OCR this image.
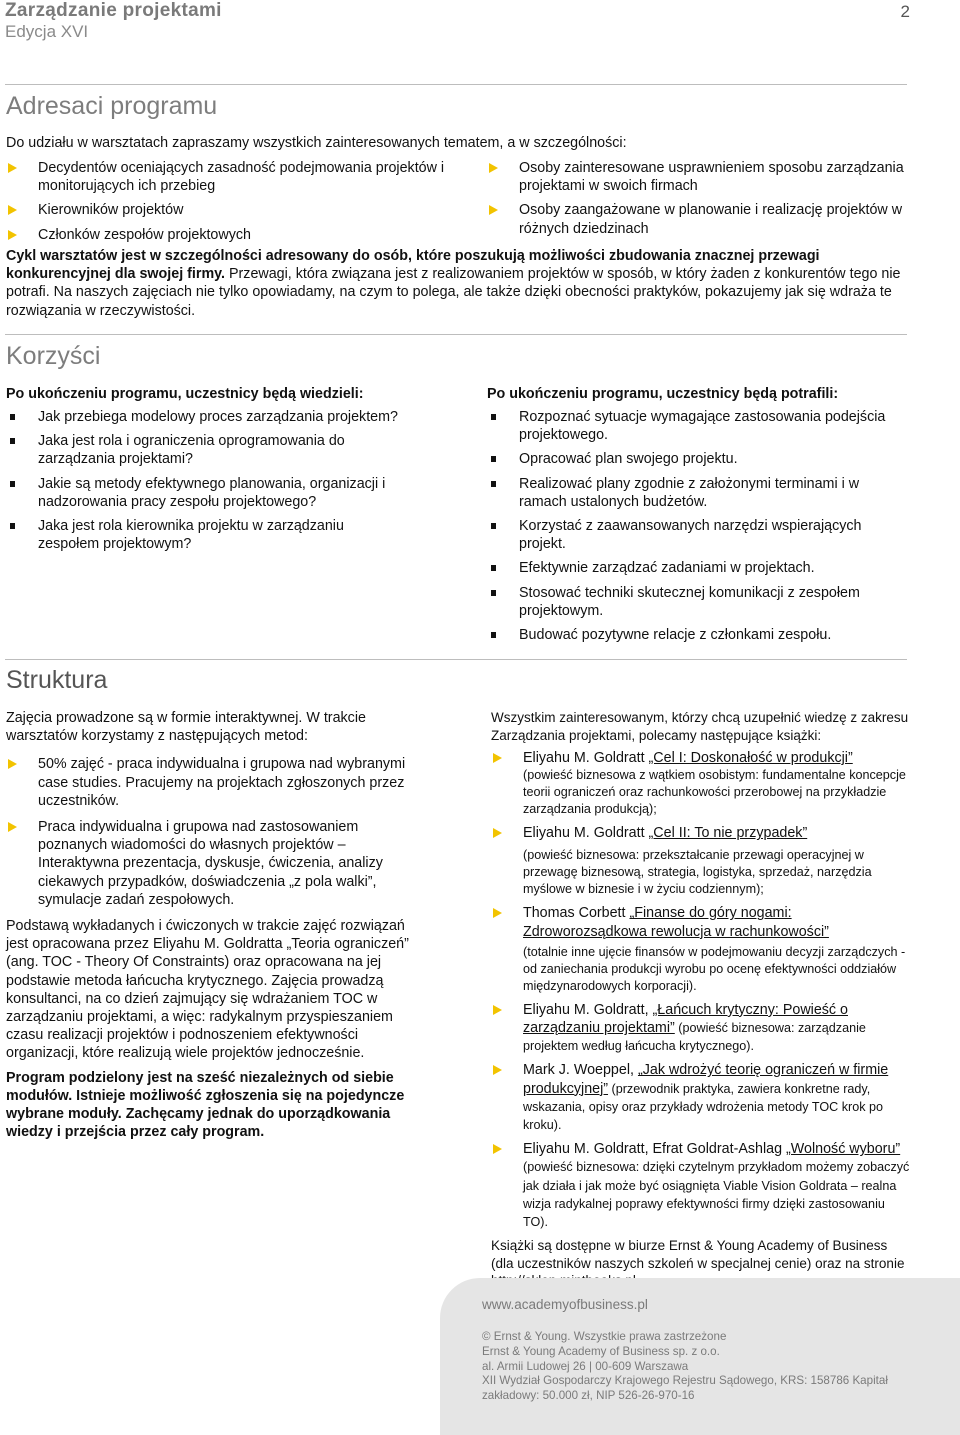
Zarządzanie projektami
Edycja XVI
2
Adresaci programu
Do udziału w warsztatach zapraszamy wszystkich zainteresowanych tematem, a w szczególności:
Decydentów oceniających zasadność podejmowania projektów i monitorujących ich przebieg
Kierowników projektów
Członków zespołów projektowych
Osoby zainteresowane usprawnieniem sposobu zarządzania projektami w swoich firmach
Osoby zaangażowane w planowanie i realizację projektów w różnych dziedzinach
Cykl warsztatów jest w szczególności adresowany do osób, które poszukują możliwości zbudowania znacznej przewagi konkurencyjnej dla swojej firmy. Przewagi, która związana jest z realizowaniem projektów w sposób, w który żaden z konkurentów tego nie potrafi. Na naszych zajęciach nie tylko opowiadamy, na czym to polega, ale także dzięki obecności praktyków, pokazujemy jak się wdraża te rozwiązania w rzeczywistości.
Korzyści
Po ukończeniu programu, uczestnicy będą wiedzieli:
Jak przebiega modelowy proces zarządzania projektem?
Jaka jest rola i ograniczenia oprogramowania do zarządzania projektami?
Jakie są metody efektywnego planowania, organizacji i nadzorowania pracy zespołu projektowego?
Jaka jest rola kierownika projektu w zarządzaniu zespołem projektowym?
Po ukończeniu programu, uczestnicy będą potrafili:
Rozpoznać sytuacje wymagające zastosowania podejścia projektowego.
Opracować plan swojego projektu.
Realizować plany zgodnie z założonymi terminami i w ramach ustalonych budżetów.
Korzystać z zaawansowanych narzędzi wspierających projekt.
Efektywnie zarządzać zadaniami w projektach.
Stosować techniki skutecznej komunikacji z zespołem projektowym.
Budować pozytywne relacje z członkami zespołu.
Struktura
Zajęcia prowadzone są w formie interaktywnej. W trakcie warsztatów korzystamy z następujących metod:
50% zajęć - praca indywidualna i grupowa nad wybranymi case studies. Pracujemy na projektach zgłoszonych przez uczestników.
Praca indywidualna i grupowa nad zastosowaniem poznanych wiadomości do własnych projektów – Interaktywna prezentacja, dyskusje, ćwiczenia, analizy ciekawych przypadków, doświadczenia „z pola walki”, symulacje zadań zespołowych.
Podstawą wykładanych i ćwiczonych w trakcie zajęć rozwiązań jest opracowana przez Eliyahu M. Goldratta „Teoria ograniczeń” (ang. TOC - Theory Of Constraints) oraz opracowana na jej podstawie metoda łańcucha krytycznego. Zajęcia prowadzą konsultanci, na co dzień zajmujący się wdrażaniem TOC w zarządzaniu projektami, a więc: radykalnym przyspieszaniem czasu realizacji projektów i podnoszeniem efektywności organizacji, które realizują wiele projektów jednocześnie.
Program podzielony jest na sześć niezależnych od siebie modułów. Istnieje możliwość zgłoszenia się na pojedyncze wybrane moduły. Zachęcamy jednak do uporządkowania wiedzy i przejścia przez cały program.
Wszystkim zainteresowanym, którzy chcą uzupełnić wiedzę z zakresu Zarządzania projektami, polecamy następujące książki:
Eliyahu M. Goldratt „Cel I: Doskonałość w produkcji”
(powieść biznesowa z wątkiem osobistym: fundamentalne koncepcje teorii ograniczeń oraz rachunkowości przerobowej na przykładzie zarządzania produkcją);
Eliyahu M. Goldratt „Cel II: To nie przypadek”
(powieść biznesowa: przekształcanie przewagi operacyjnej w przewagę biznesową, strategia, logistyka, sprzedaż, narzędzia myślowe w biznesie i w życiu codziennym);
Thomas Corbett „Finanse do góry nogami: Zdroworozsądkowa rewolucja w rachunkowości”
(totalnie inne ujęcie finansów w podejmowaniu decyzji zarządczych - od zaniechania produkcji wyrobu po ocenę efektywności oddziałów międzynarodowych korporacji).
Eliyahu M. Goldratt, „Łańcuch krytyczny: Powieść o zarządzaniu projektami” (powieść biznesowa: zarządzanie projektem według łańcucha krytycznego).
Mark J. Woeppel, „Jak wdrożyć teorię ograniczeń w firmie produkcyjnej” (przewodnik praktyka, zawiera konkretne rady, wskazania, opisy oraz przykłady wdrożenia metody TOC krok po kroku).
Eliyahu M. Goldratt, Efrat Goldrat-Ashlag „Wolność wyboru” (powieść biznesowa: dzięki czytelnym przykładom możemy zobaczyć jak działa i jak może być osiągnięta Viable Vision Goldrata – realna wizja radykalnej poprawy efektywności firmy dzięki zastosowaniu TO).
Książki są dostępne w biurze Ernst & Young Academy of Business (dla uczestników naszych szkoleń w specjalnej cenie) oraz na stronie
www.academyofbusiness.pl
© Ernst & Young. Wszystkie prawa zastrzeżone
Ernst & Young Academy of Business sp. z o.o.
al. Armii Ludowej 26 | 00-609 Warszawa
XII Wydział Gospodarczy Krajowego Rejestru Sądowego, KRS: 158786 Kapitał zakładowy: 50.000 zł, NIP 526-26-970-16
